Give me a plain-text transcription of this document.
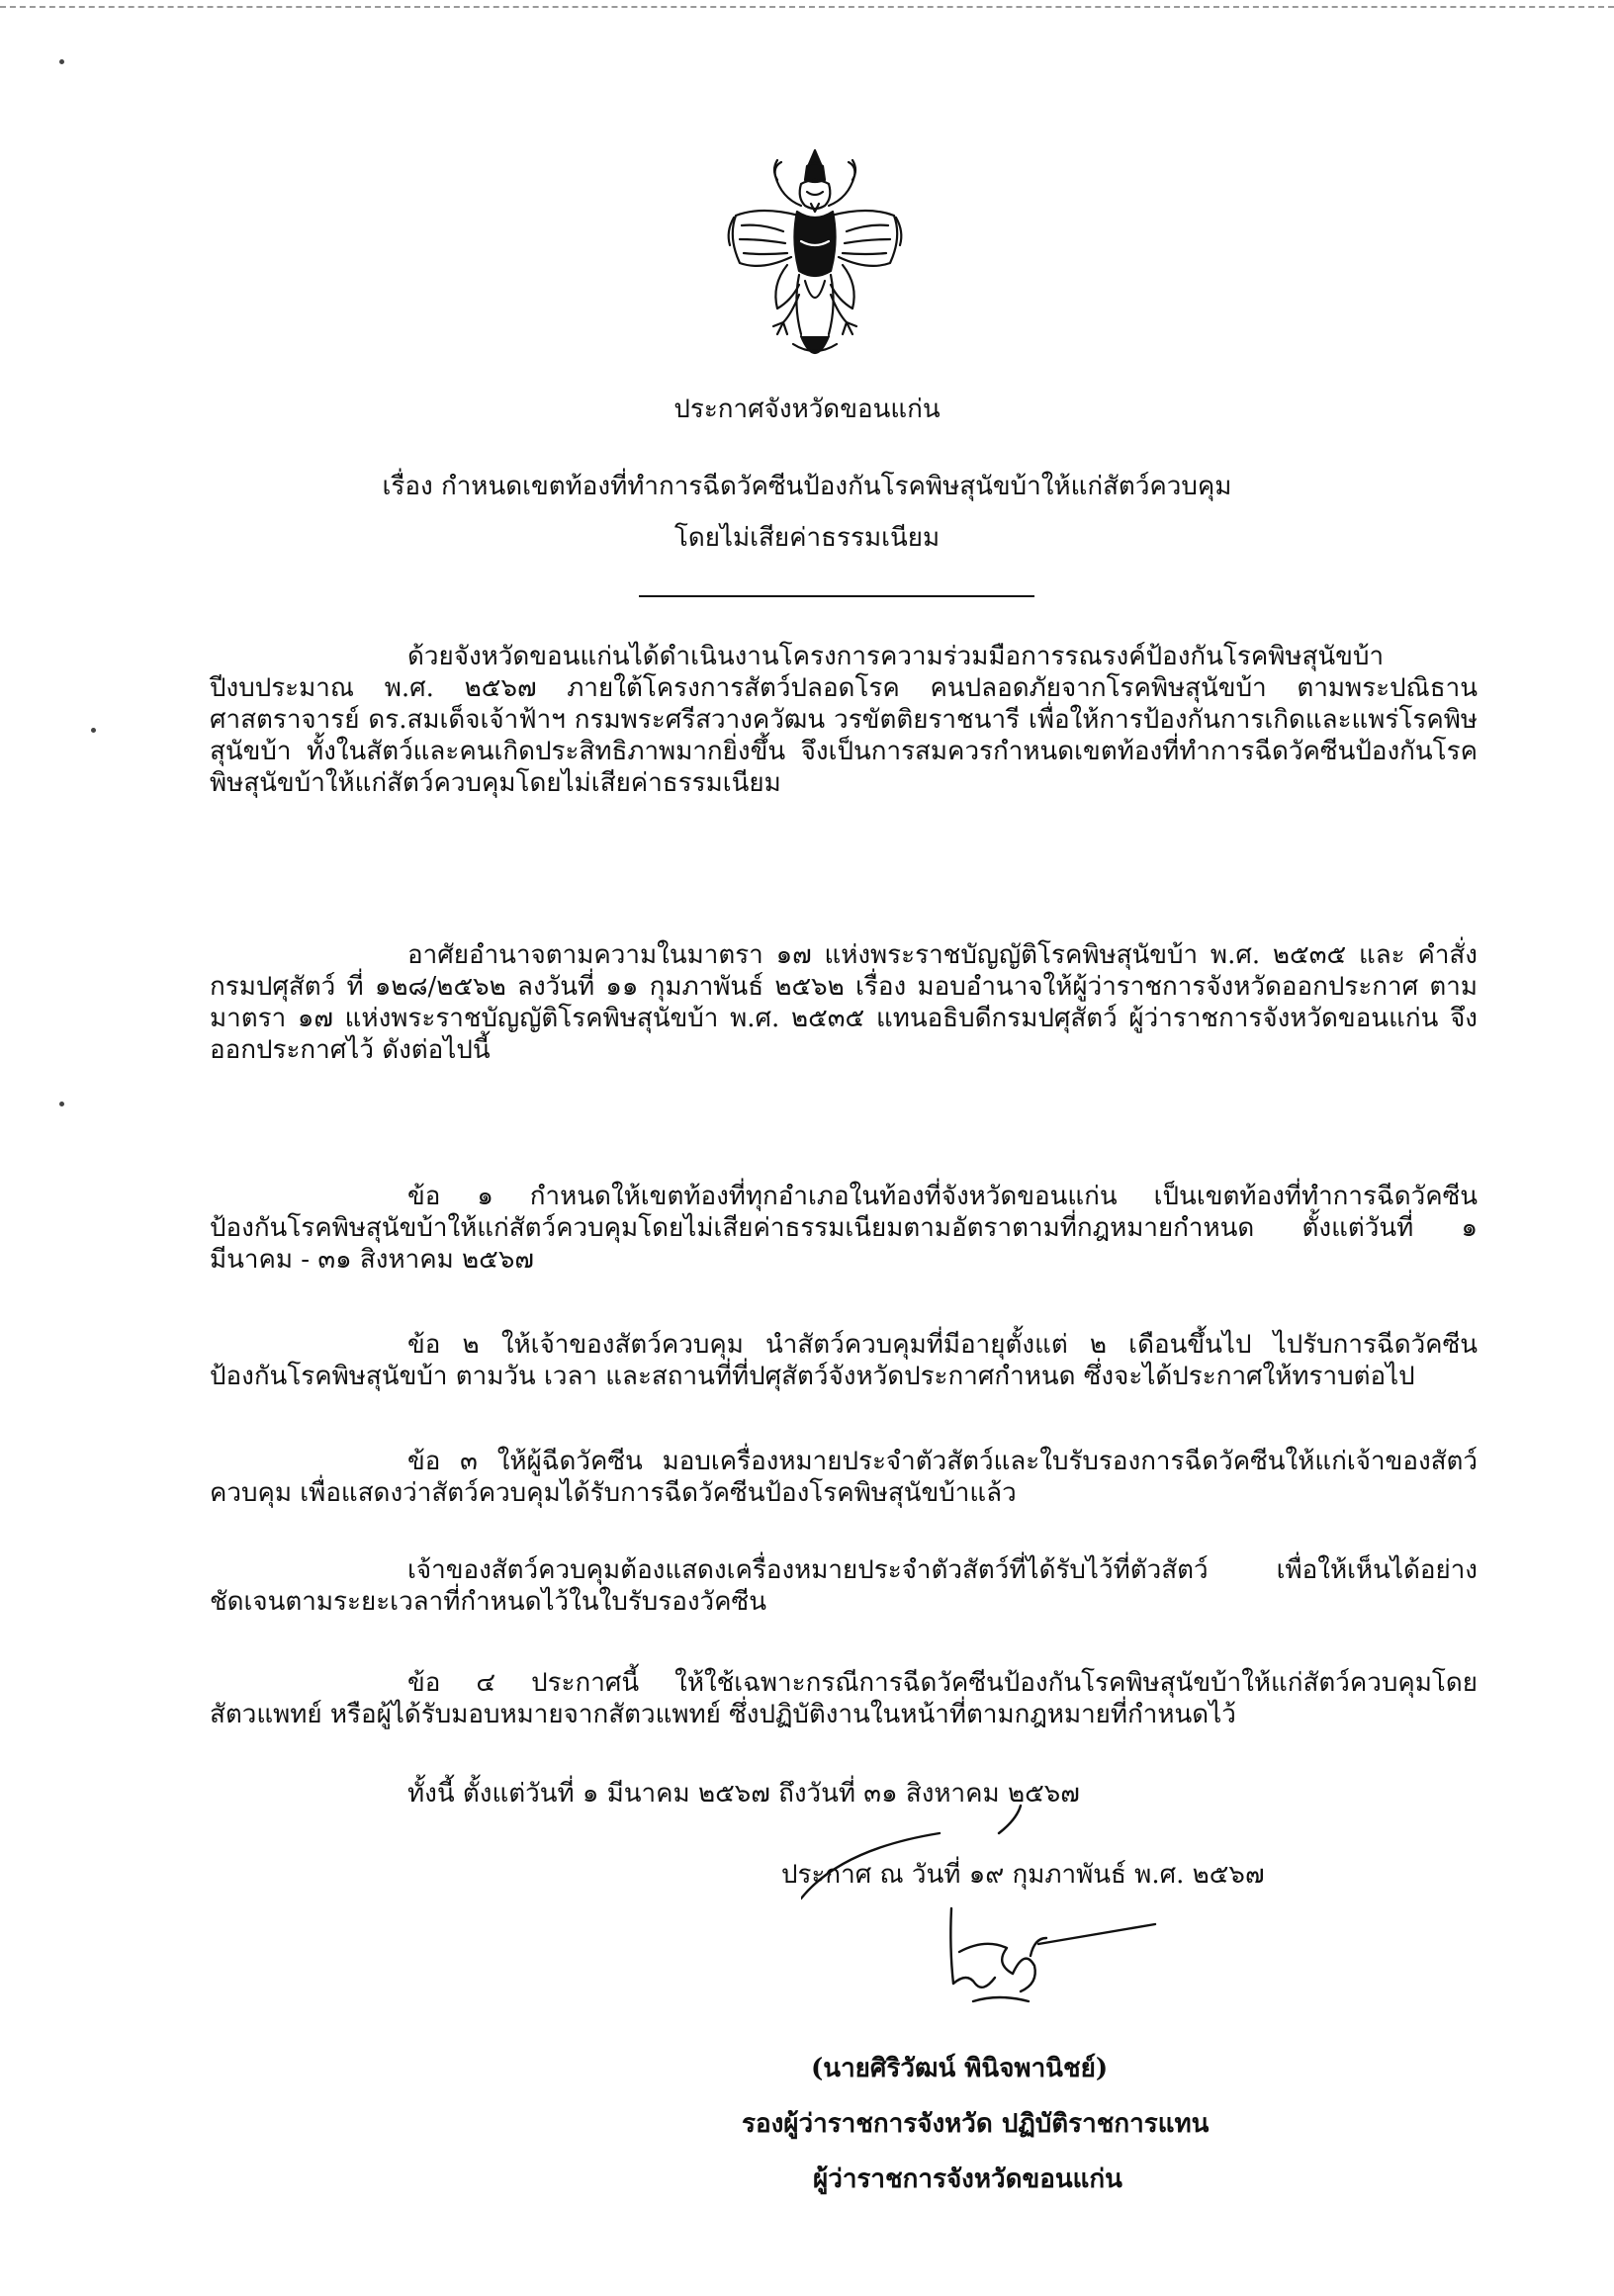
ประกาศจังหวัดขอนแก่น
เรื่อง กำหนดเขตท้องที่ทำการฉีดวัคซีนป้องกันโรคพิษสุนัขบ้าให้แก่สัตว์ควบคุม
โดยไม่เสียค่าธรรมเนียม

ด้วยจังหวัดขอนแก่นได้ดำเนินงานโครงการความร่วมมือการรณรงค์ป้องกันโรคพิษสุนัขบ้า ปีงบประมาณ พ.ศ. ๒๕๖๗ ภายใต้โครงการสัตว์ปลอดโรค คนปลอดภัยจากโรคพิษสุนัขบ้า ตามพระปณิธาน ศาสตราจารย์ ดร.สมเด็จเจ้าฟ้าฯ กรมพระศรีสวางควัฒน วรขัตติยราชนารี เพื่อให้การป้องกันการเกิดและแพร่โรคพิษสุนัขบ้า ทั้งในสัตว์และคนเกิดประสิทธิภาพมากยิ่งขึ้น จึงเป็นการสมควรกำหนดเขตท้องที่ทำการฉีดวัคซีนป้องกันโรคพิษสุนัขบ้าให้แก่สัตว์ควบคุมโดยไม่เสียค่าธรรมเนียม

อาศัยอำนาจตามความในมาตรา ๑๗ แห่งพระราชบัญญัติโรคพิษสุนัขบ้า พ.ศ. ๒๕๓๕ และ คำสั่งกรมปศุสัตว์ ที่ ๑๒๘/๒๕๖๒ ลงวันที่ ๑๑ กุมภาพันธ์ ๒๕๖๒ เรื่อง มอบอำนาจให้ผู้ว่าราชการจังหวัดออกประกาศ ตามมาตรา ๑๗ แห่งพระราชบัญญัติโรคพิษสุนัขบ้า พ.ศ. ๒๕๓๕ แทนอธิบดีกรมปศุสัตว์ ผู้ว่าราชการจังหวัดขอนแก่น จึงออกประกาศไว้ ดังต่อไปนี้

ข้อ ๑ กำหนดให้เขตท้องที่ทุกอำเภอในท้องที่จังหวัดขอนแก่น เป็นเขตท้องที่ทำการฉีดวัคซีน ป้องกันโรคพิษสุนัขบ้าให้แก่สัตว์ควบคุมโดยไม่เสียค่าธรรมเนียมตามอัตราตามที่กฎหมายกำหนด ตั้งแต่วันที่ ๑ มีนาคม - ๓๑ สิงหาคม ๒๕๖๗

ข้อ ๒ ให้เจ้าของสัตว์ควบคุม นำสัตว์ควบคุมที่มีอายุตั้งแต่ ๒ เดือนขึ้นไป ไปรับการฉีดวัคซีน ป้องกันโรคพิษสุนัขบ้า ตามวัน เวลา และสถานที่ที่ปศุสัตว์จังหวัดประกาศกำหนด ซึ่งจะได้ประกาศให้ทราบต่อไป

ข้อ ๓ ให้ผู้ฉีดวัคซีน มอบเครื่องหมายประจำตัวสัตว์และใบรับรองการฉีดวัคซีนให้แก่เจ้าของสัตว์ ควบคุม เพื่อแสดงว่าสัตว์ควบคุมได้รับการฉีดวัคซีนป้องโรคพิษสุนัขบ้าแล้ว

เจ้าของสัตว์ควบคุมต้องแสดงเครื่องหมายประจำตัวสัตว์ที่ได้รับไว้ที่ตัวสัตว์ เพื่อให้เห็นได้อย่าง ชัดเจนตามระยะเวลาที่กำหนดไว้ในใบรับรองวัคซีน

ข้อ ๔ ประกาศนี้ ให้ใช้เฉพาะกรณีการฉีดวัคซีนป้องกันโรคพิษสุนัขบ้าให้แก่สัตว์ควบคุมโดยสัตวแพทย์ หรือผู้ได้รับมอบหมายจากสัตวแพทย์ ซึ่งปฏิบัติงานในหน้าที่ตามกฎหมายที่กำหนดไว้

ทั้งนี้ ตั้งแต่วันที่ ๑ มีนาคม ๒๕๖๗ ถึงวันที่ ๓๑ สิงหาคม ๒๕๖๗

ประกาศ ณ วันที่ ๑๙ กุมภาพันธ์ พ.ศ. ๒๕๖๗
(นายศิริวัฒน์ พินิจพานิชย์)
รองผู้ว่าราชการจังหวัด ปฏิบัติราชการแทน
ผู้ว่าราชการจังหวัดขอนแก่น
